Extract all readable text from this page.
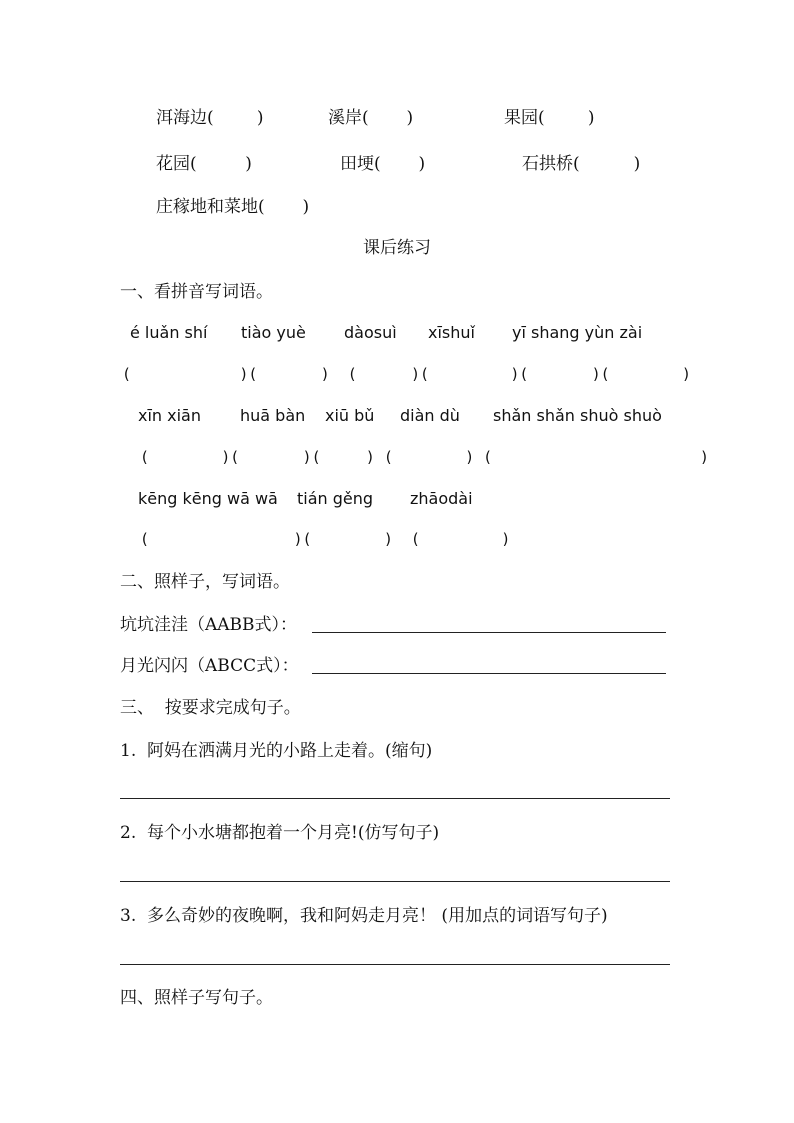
洱海边(        )	溪岸(       )	果园(        )
花园(         )	田埂(       )	石拱桥(          )
庄稼地和菜地(       )
课后练习
一、看拼音写词语。
é luǎn shí tiào yuè dàosuì xīshuǐ yī shang yùn zài
(            )(       )  (      )(         )(       )(        )
xīn xiān huā bàn xiū bǔ diàn dù shǎn shǎn shuò shuò
(        )(       )(     ) (        ) (                       )
kēng kēng wā wā tián gěng zhāodài
(                )(        )  (         )
二、照样子，写词语。
坑坑洼洼（AABB式）：
月光闪闪（ABCC式）：
三、  按要求完成句子。
1.  阿妈在洒满月光的小路上走着。(缩句)
2.  每个小水塘都抱着一个月亮!(仿写句子)
3.  多么奇妙的夜晚啊，我和阿妈走月亮！ (用加点的词语写句子)
四、照样子写句子。
